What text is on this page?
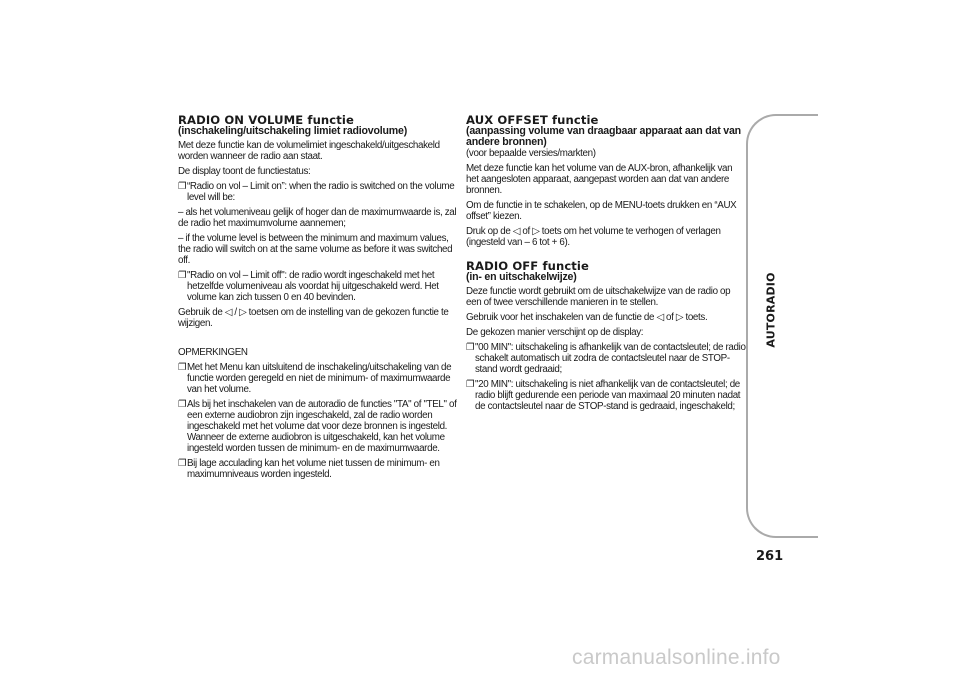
RADIO ON VOLUME functie
(inschakeling/uitschakeling limiet radiovolume)
Met deze functie kan de volumelimiet ingeschakeld/uitgeschakeld worden wanneer de radio aan staat.
De display toont de functiestatus:
❐ “Radio on vol – Limit on”: when the radio is switched on the volume level will be:
– als het volumeniveau gelijk of hoger dan de maximumwaarde is, zal de radio het maximumvolume aannemen;
– if the volume level is between the minimum and maximum values, the radio will switch on at the same volume as before it was switched off.
❐ "Radio on vol – Limit off": de radio wordt ingeschakeld met het hetzelfde volumeniveau als voordat hij uitgeschakeld werd. Het volume kan zich tussen 0 en 40 bevinden.
Gebruik de ◁ / ▷ toetsen om de instelling van de gekozen functie te wijzigen.
OPMERKINGEN
❐ Met het Menu kan uitsluitend de inschakeling/uitschakeling van de functie worden geregeld en niet de minimum- of maximumwaarde van het volume.
❐ Als bij het inschakelen van de autoradio de functies "TA" of "TEL" of een externe audiobron zijn ingeschakeld, zal de radio worden ingeschakeld met het volume dat voor deze bronnen is ingesteld. Wanneer de externe audiobron is uitgeschakeld, kan het volume ingesteld worden tussen de minimum- en de maximumwaarde.
❐ Bij lage acculading kan het volume niet tussen de minimum- en maximumniveaus worden ingesteld.
AUX OFFSET functie
(aanpassing volume van draagbaar apparaat aan dat van andere bronnen)
(voor bepaalde versies/markten)
Met deze functie kan het volume van de AUX-bron, afhankelijk van het aangesloten apparaat, aangepast worden aan dat van andere bronnen.
Om de functie in te schakelen, op de MENU-toets drukken en “AUX offset” kiezen.
Druk op de ◁ of ▷ toets om het volume te verhogen of verlagen (ingesteld van – 6 tot + 6).
RADIO OFF functie
(in- en uitschakelwijze)
Deze functie wordt gebruikt om de uitschakelwijze van de radio op een of twee verschillende manieren in te stellen.
Gebruik voor het inschakelen van de functie de ◁ of ▷ toets.
De gekozen manier verschijnt op de display:
❐ "00 MIN": uitschakeling is afhankelijk van de contactsleutel; de radio schakelt automatisch uit zodra de contactsleutel naar de STOP-stand wordt gedraaid;
❐ "20 MIN": uitschakeling is niet afhankelijk van de contactsleutel; de radio blijft gedurende een periode van maximaal 20 minuten nadat de contactsleutel naar de STOP-stand is gedraaid, ingeschakeld;
AUTORADIO
261
carmanualsonline.info
